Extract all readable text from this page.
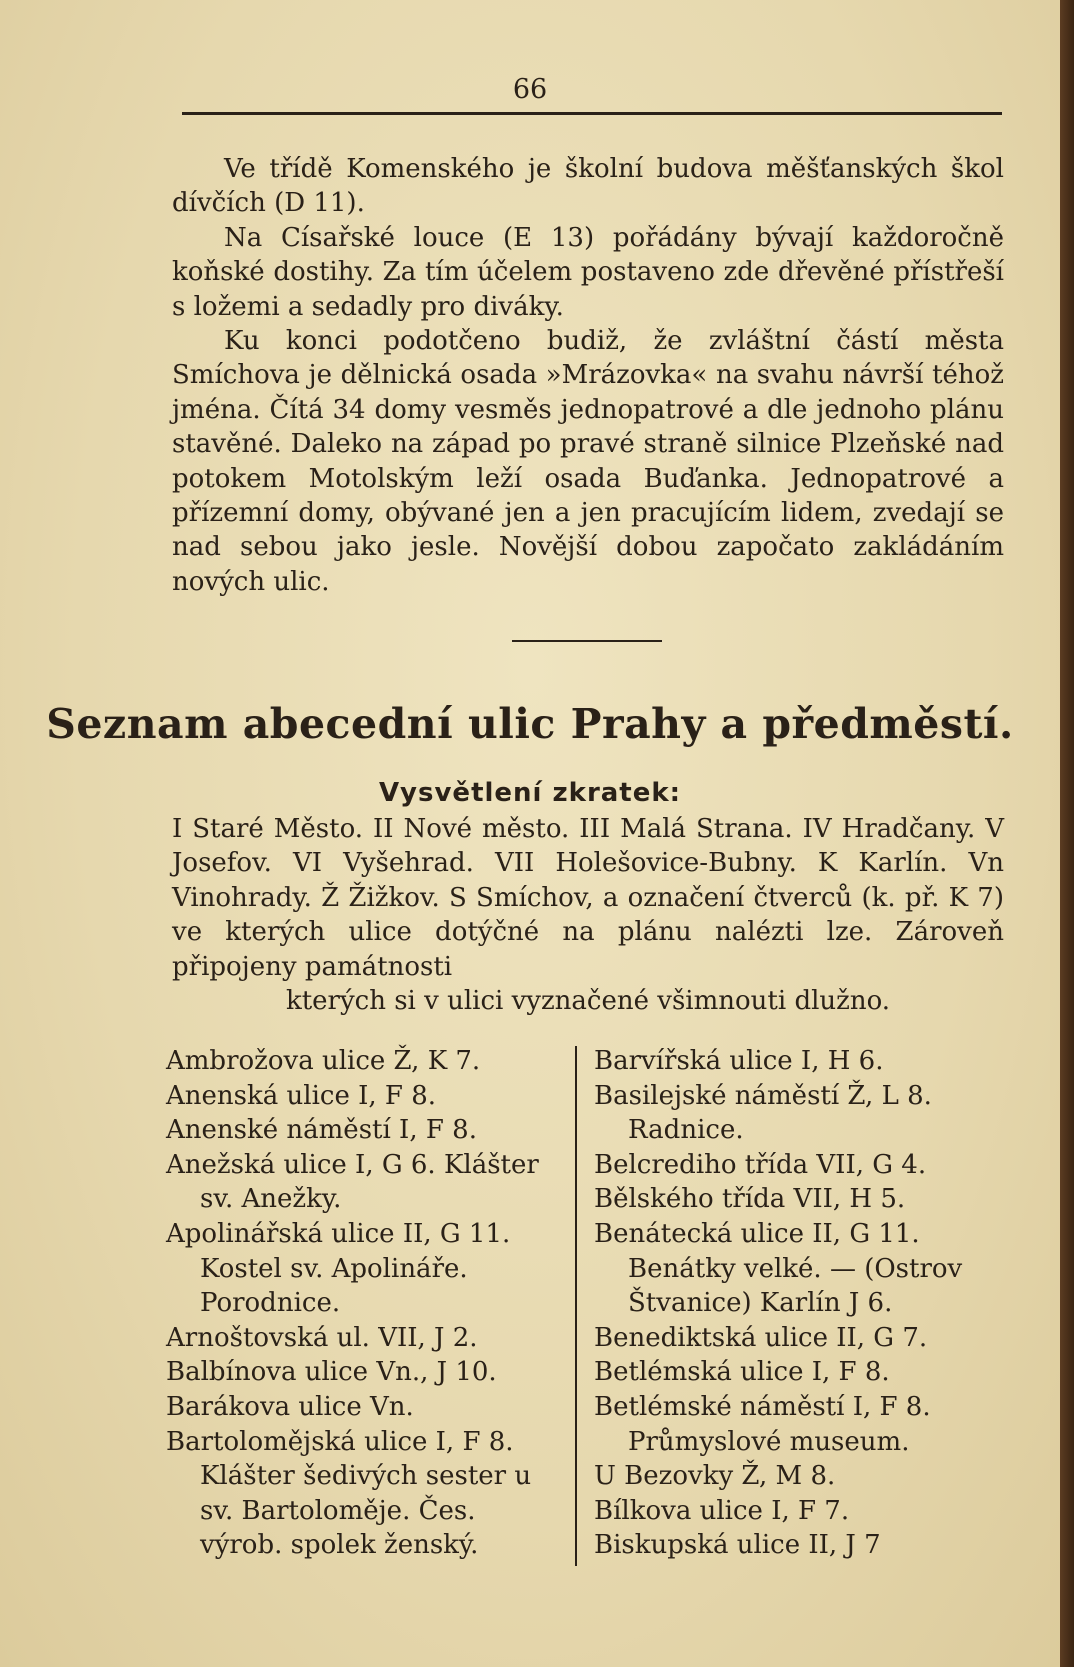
66

Ve třídě Komenského je školní budova měšťanských škol dívčích (D 11).

Na Císařské louce (E 13) pořádány bývají každoročně koňské dostihy. Za tím účelem postaveno zde dřevěné přístřeší s ložemi a sedadly pro diváky.

Ku konci podotčeno budiž, že zvláštní částí města Smíchova je dělnická osada »Mrázovka« na svahu návrší téhož jména. Čítá 34 domy vesměs jednopatrové a dle jednoho plánu stavěné. Daleko na západ po pravé straně silnice Plzeňské nad potokem Motolským leží osada Buďanka. Jednopatrové a přízemní domy, obývané jen a jen pracujícím lidem, zvedají se nad sebou jako jesle. Novější dobou započato zakládáním nových ulic.

Seznam abecední ulic Prahy a předměstí.
Vysvětlení zkratek:
I Staré Město. II Nové město. III Malá Strana. IV Hradčany. V Josefov. VI Vyšehrad. VII Holešovice-Bubny. K Karlín. Vn Vinohrady. Ž Žižkov. S Smíchov, a označení čtverců (k. př. K 7) ve kterých ulice dotýčné na plánu nalézti lze. Zároveň připojeny památnosti
kterých si v ulici vyznačené všimnouti dlužno.
Ambrožova ulice Ž, K 7.
Anenská ulice I, F 8.
Anenské náměstí I, F 8.
Anežská ulice I, G 6. Klášter sv. Anežky.
Apolinářská ulice II, G 11. Kostel sv. Apolináře. Porodnice.
Arnoštovská ul. VII, J 2.
Balbínova ulice Vn., J 10.
Barákova ulice Vn.
Bartolomějská ulice I, F 8. Klášter šedivých sester u sv. Bartoloměje. Čes. výrob. spolek ženský.
Barvířská ulice I, H 6.
Basilejské náměstí Ž, L 8. Radnice.
Belcrediho třída VII, G 4.
Bělského třída VII, H 5.
Benátecká ulice II, G 11. Benátky velké. — (Ostrov Štvanice) Karlín J 6.
Benediktská ulice II, G 7.
Betlémská ulice I, F 8.
Betlémské náměstí I, F 8. Průmyslové museum.
U Bezovky Ž, M 8.
Bílkova ulice I, F 7.
Biskupská ulice II, J 7
